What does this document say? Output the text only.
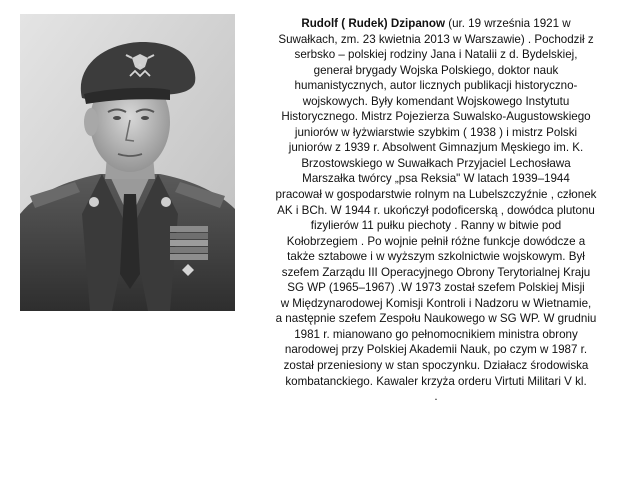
Rudolf ( Rudek) Dzipanow (ur. 19 września 1921 w
Suwałkach, zm. 23 kwietnia 2013 w Warszawie) . Pochodził z
serbsko – polskiej rodziny Jana i Natalii z d. Bydelskiej,
generał brygady Wojska Polskiego, doktor nauk
humanistycznych, autor licznych publikacji historyczno-
wojskowych. Były komendant Wojskowego Instytutu
Historycznego. Mistrz Pojezierza Suwalsko-Augustowskiego
juniorów w łyżwiarstwie szybkim ( 1938 ) i mistrz Polski
juniorów z 1939 r. Absolwent Gimnazjum Męskiego im. K.
Brzostowskiego w Suwałkach Przyjaciel Lechosława
Marszałka twórcy „psa Reksia" W latach 1939–1944
pracował w gospodarstwie rolnym na Lubelszczyźnie , członek
AK i BCh. W 1944 r. ukończył podoficerską , dowódca plutonu
fizylierów 11 pułku piechoty . Ranny w bitwie pod
Kołobrzegiem . Po wojnie pełnił różne funkcje dowódcze a
także sztabowe i w wyższym szkolnictwie wojskowym. Był
szefem Zarządu III Operacyjnego Obrony Terytorialnej Kraju
SG WP (1965–1967) .W 1973 został szefem Polskiej Misji
w Międzynarodowej Komisji Kontroli i Nadzoru w Wietnamie,
a następnie szefem Zespołu Naukowego w SG WP. W grudniu
1981 r. mianowano go pełnomocnikiem ministra obrony
narodowej przy Polskiej Akademii Nauk, po czym w 1987 r.
został przeniesiony w stan spoczynku. Działacz środowiska
kombatanckiego. Kawaler krzyża orderu Virtuti Militari V kl.
.
